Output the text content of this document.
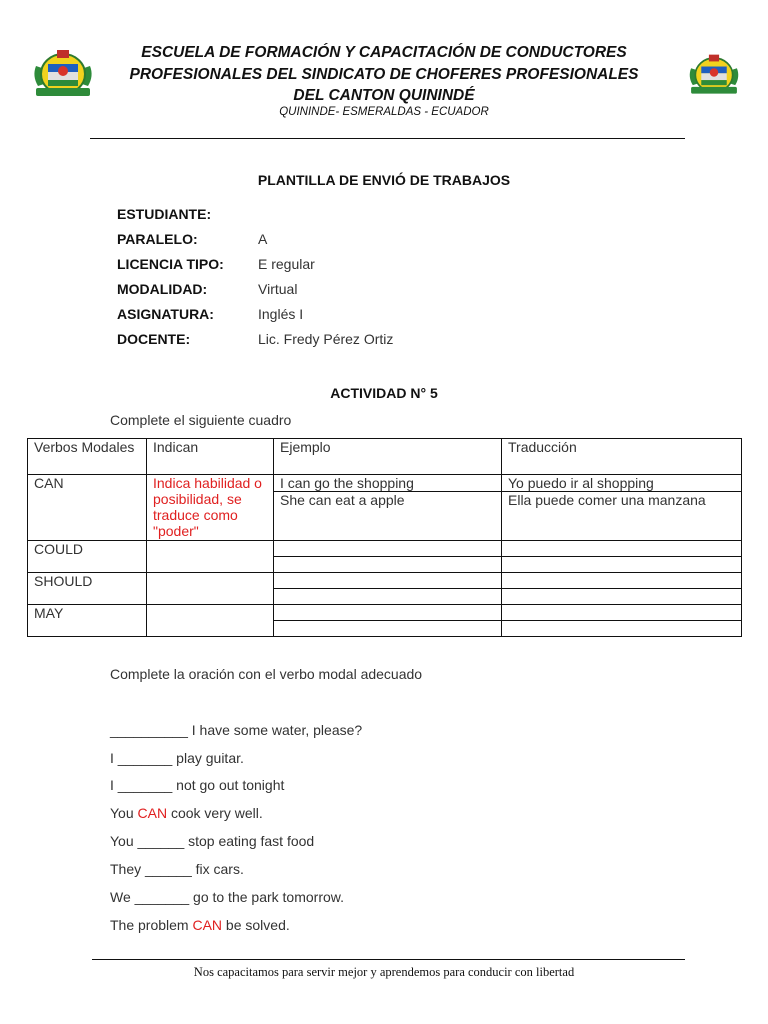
ESCUELA DE FORMACIÓN Y CAPACITACIÓN DE CONDUCTORES
PROFESIONALES DEL SINDICATO DE CHOFERES PROFESIONALES
DEL CANTON QUININDÉ
QUININDE- ESMERALDAS - ECUADOR
PLANTILLA DE ENVIÓ DE TRABAJOS
ESTUDIANTE:
PARALELO:	A
LICENCIA TIPO: E regular
MODALIDAD:	Virtual
ASIGNATURA:	Inglés I
DOCENTE:	Lic. Fredy Pérez Ortiz
ACTIVIDAD N° 5
Complete el siguiente cuadro
Verbos Modales	Indican	Ejemplo	Traducción
CAN	Indica habilidad o posibilidad, se traduce como "poder"	I can go the shopping	Yo puedo ir al shopping
		She can eat a apple	Ella puede comer una manzana
COULD			

SHOULD			

MAY			

Complete la oración con el verbo modal adecuado
__________ I have some water, please?
I _______ play guitar.
I _______ not go out tonight
You CAN cook very well.
You ______ stop eating fast food
They ______ fix cars.
We _______ go to the park tomorrow.
The problem CAN be solved.
Nos capacitamos para servir mejor y aprendemos para conducir con libertad
